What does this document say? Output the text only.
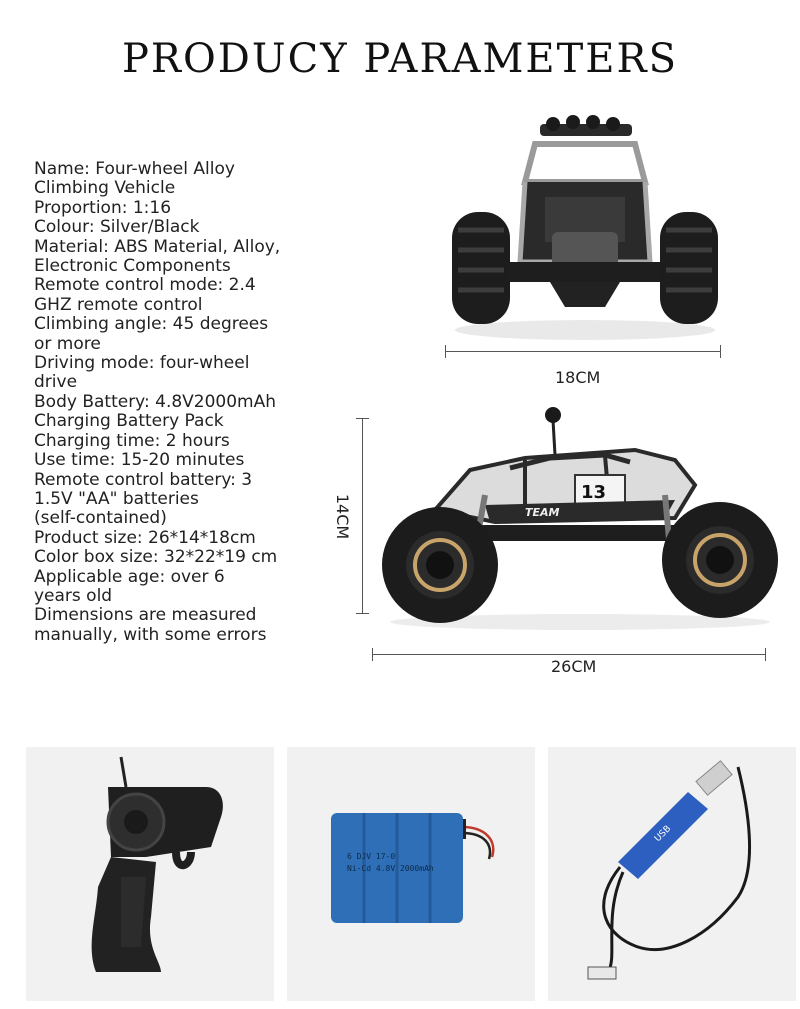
PRODUCY PARAMETERS
Name: Four-wheel Alloy
Climbing Vehicle
Proportion: 1:16
Colour: Silver/Black
Material: ABS Material, Alloy,
Electronic Components
Remote control mode: 2.4
GHZ remote control
Climbing angle: 45 degrees
or more
Driving mode: four-wheel
drive
Body Battery: 4.8V2000mAh
Charging Battery Pack
Charging time: 2 hours
Use time: 15-20 minutes
Remote control battery: 3
1.5V "AA" batteries
(self-contained)
Product size: 26*14*18cm
Color box size: 32*22*19 cm
Applicable age: over 6
years old
Dimensions are measured
manually, with some errors
18CM
14CM
13
TEAM
26CM
6 DJV 17-0
Ni-Cd 4.8V 2000mAh
USB
